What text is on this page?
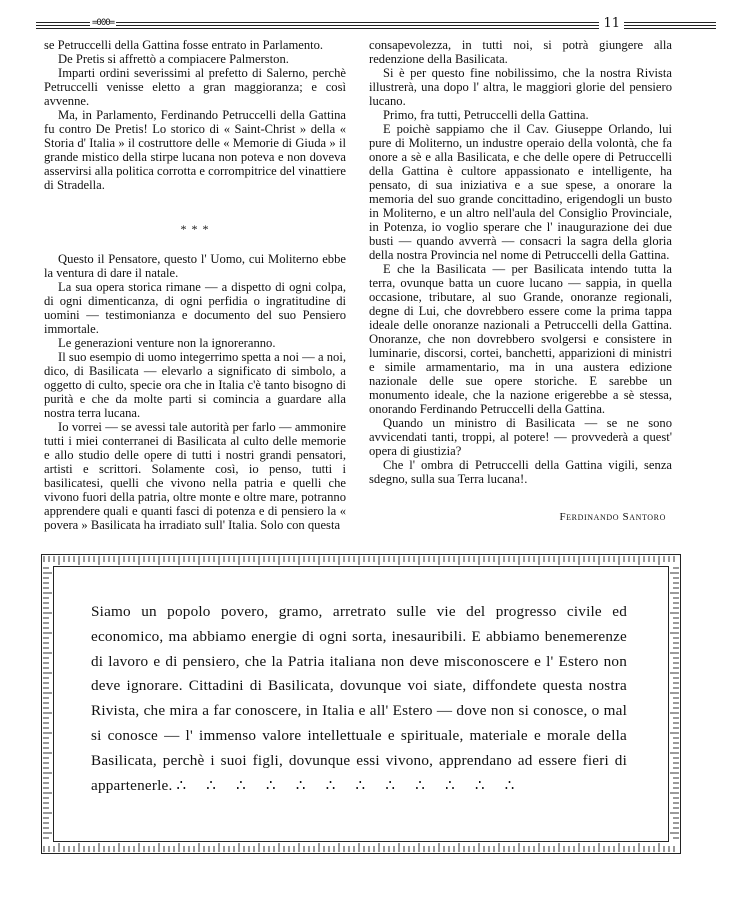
=000=	11

se Petruccelli della Gattina fosse entrato in Parlamento.

De Pretis si affrettò a compiacere Palmerston.

Imparti ordini severissimi al prefetto di Salerno, perchè Petruccelli venisse eletto a gran maggioranza; e così avvenne.

Ma, in Parlamento, Ferdinando Petruccelli della Gattina fu contro De Pretis! Lo storico di « Saint-Christ » della « Storia d' Italia » il costruttore delle « Memorie di Giuda » il grande mistico della stirpe lucana non poteva e non doveva asservirsi alla politica corrotta e corrompitrice del vinattiere di Stradella.

* * *

Questo il Pensatore, questo l' Uomo, cui Moliterno ebbe la ventura di dare il natale.

La sua opera storica rimane — a dispetto di ogni colpa, di ogni dimenticanza, di ogni perfidia o ingratitudine di uomini — testimonianza e documento del suo Pensiero immortale.

Le generazioni venture non la ignoreranno.

Il suo esempio di uomo integerrimo spetta a noi — a noi, dico, di Basilicata — elevarlo a significato di simbolo, a oggetto di culto, specie ora che in Italia c'è tanto bisogno di purità e che da molte parti si comincia a guardare alla nostra terra lucana.

Io vorrei — se avessi tale autorità per farlo — ammonire tutti i miei conterranei di Basilicata al culto delle memorie e allo studio delle opere di tutti i nostri grandi pensatori, artisti e scrittori. Solamente così, io penso, tutti i basilicatesi, quelli che vivono nella patria e quelli che vivono fuori della patria, oltre monte e oltre mare, potranno apprendere quali e quanti fasci di potenza e di pensiero la « povera » Basilicata ha irradiato sull' Italia. Solo con questa

consapevolezza, in tutti noi, si potrà giungere alla redenzione della Basilicata.

Si è per questo fine nobilissimo, che la nostra Rivista illustrerà, una dopo l' altra, le maggiori glorie del pensiero lucano.

Primo, fra tutti, Petruccelli della Gattina.

E poichè sappiamo che il Cav. Giuseppe Orlando, lui pure di Moliterno, un industre operaio della volontà, che fa onore a sè e alla Basilicata, e che delle opere di Petruccelli della Gattina è cultore appassionato e intelligente, ha pensato, di sua iniziativa e a sue spese, a onorare la memoria del suo grande concittadino, erigendogli un busto in Moliterno, e un altro nell'aula del Consiglio Provinciale, in Potenza, io voglio sperare che l' inaugurazione dei due busti — quando avverrà — consacri la sagra della gloria della nostra Provincia nel nome di Petruccelli della Gattina.

E che la Basilicata — per Basilicata intendo tutta la terra, ovunque batta un cuore lucano — sappia, in quella occasione, tributare, al suo Grande, onoranze regionali, degne di Lui, che dovrebbero essere come la prima tappa ideale delle onoranze nazionali a Petruccelli della Gattina. Onoranze, che non dovrebbero svolgersi e consistere in luminarie, discorsi, cortei, banchetti, apparizioni di ministri e simile armamentario, ma in una austera edizione nazionale delle sue opere storiche. E sarebbe un monumento ideale, che la nazione erigerebbe a sè stessa, onorando Ferdinando Petruccelli della Gattina.

Quando un ministro di Basilicata — se ne sono avvicendati tanti, troppi, al potere! — provvederà a quest' opera di giustizia?

Che l' ombra di Petruccelli della Gattina vigili, senza sdegno, sulla sua Terra lucana!.

Ferdinando Santoro

Siamo un popolo povero, gramo, arretrato sulle vie del progresso civile ed economico, ma abbiamo energie di ogni sorta, inesauribili. E abbiamo benemerenze di lavoro e di pensiero, che la Patria italiana non deve misconoscere e l' Estero non deve ignorare. Cittadini di Basilicata, dovunque voi siate, diffondete questa nostra Rivista, che mira a far conoscere, in Italia e all' Estero — dove non si conosce, o mal si conosce — l' immenso valore intellettuale e spirituale, materiale e morale della Basilicata, perchè i suoi figli, dovunque essi vivono, apprendano ad essere fieri di appartenerle. ∴    ∴    ∴    ∴    ∴    ∴    ∴    ∴    ∴    ∴    ∴    ∴
